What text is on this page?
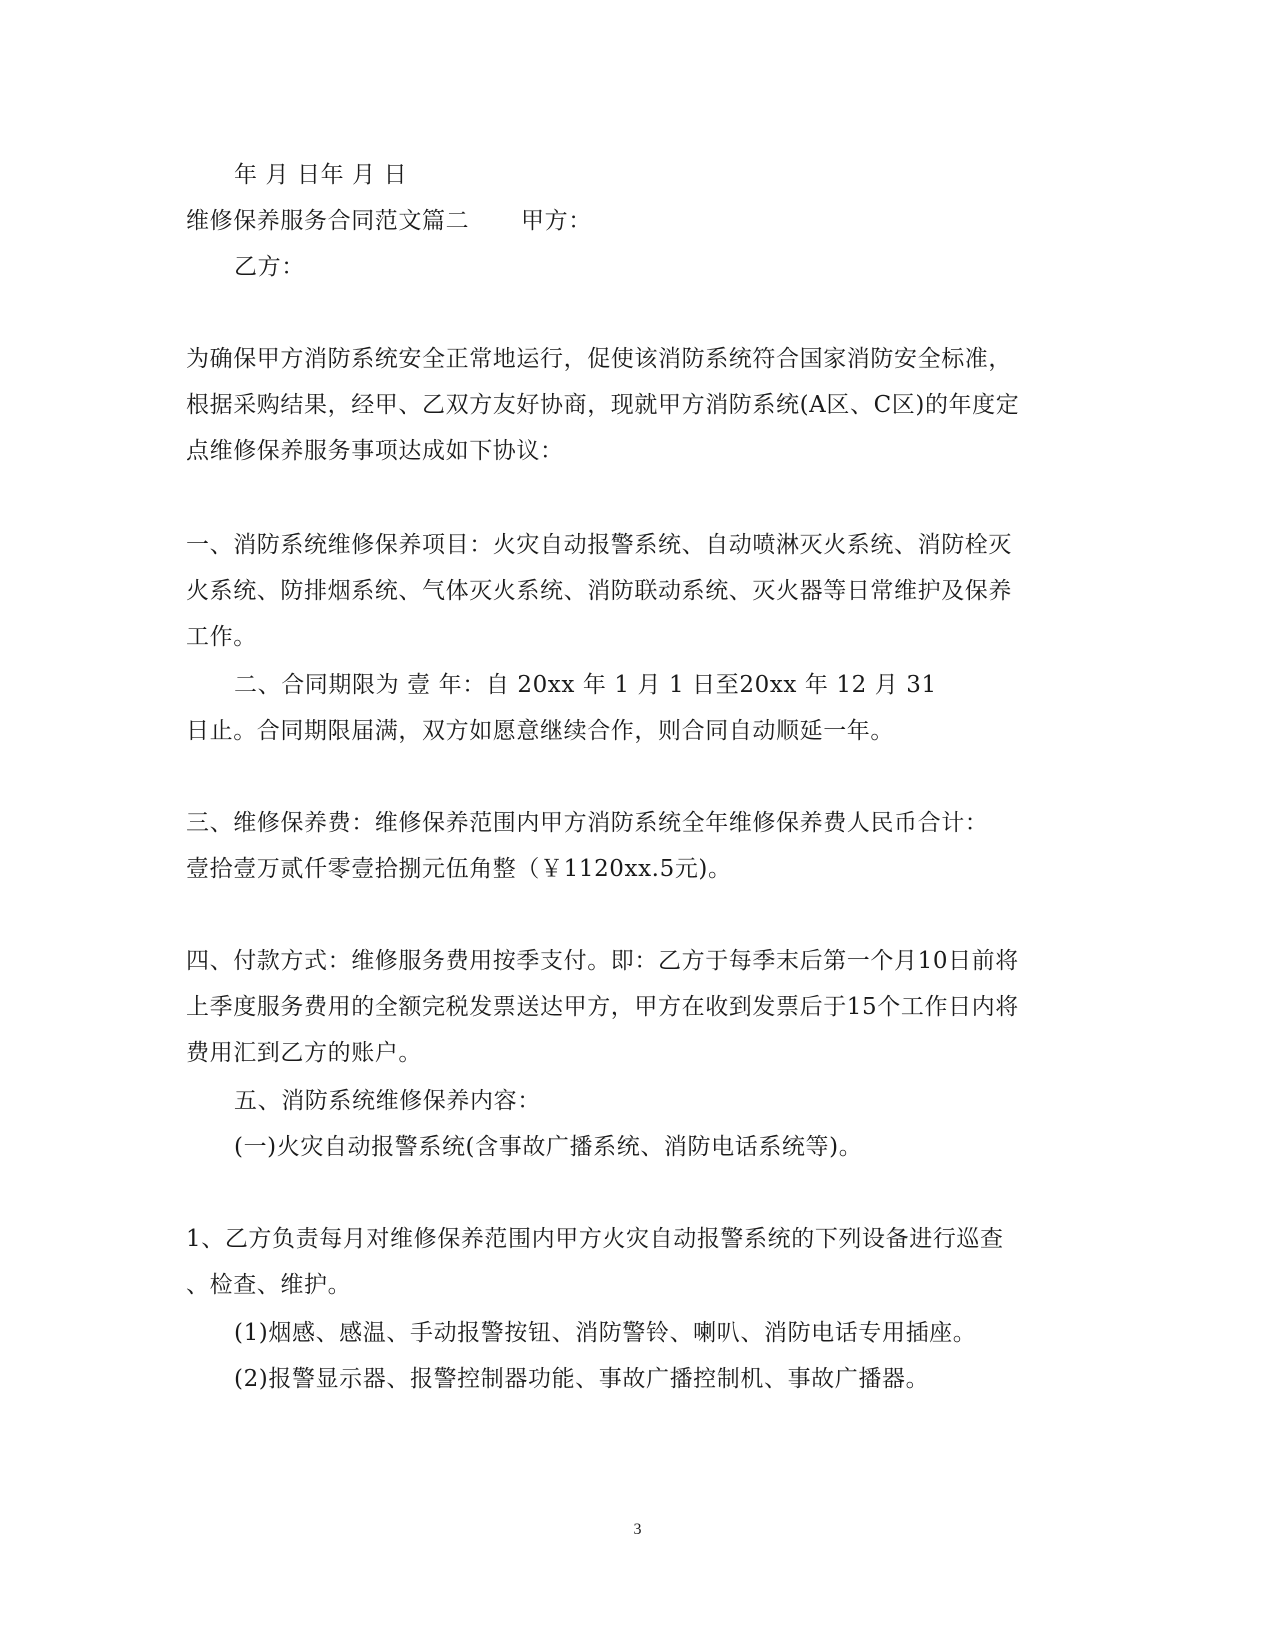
年 月 日年 月 日
维修保养服务合同范文篇二 甲方：
乙方：
为确保甲方消防系统安全正常地运行，促使该消防系统符合国家消防安全标准，
根据采购结果，经甲、乙双方友好协商，现就甲方消防系统(A区、C区)的年度定
点维修保养服务事项达成如下协议：
一、消防系统维修保养项目：火灾自动报警系统、自动喷淋灭火系统、消防栓灭
火系统、防排烟系统、气体灭火系统、消防联动系统、灭火器等日常维护及保养
工作。
二、合同期限为 壹 年：自 20xx 年 1 月 1 日至20xx 年 12 月 31
日止。合同期限届满，双方如愿意继续合作，则合同自动顺延一年。
三、维修保养费：维修保养范围内甲方消防系统全年维修保养费人民币合计：
壹拾壹万贰仟零壹拾捌元伍角整（￥1120xx.5元)。
四、付款方式：维修服务费用按季支付。即：乙方于每季末后第一个月10日前将
上季度服务费用的全额完税发票送达甲方，甲方在收到发票后于15个工作日内将
费用汇到乙方的账户。
五、消防系统维修保养内容：
(一)火灾自动报警系统(含事故广播系统、消防电话系统等)。
1、乙方负责每月对维修保养范围内甲方火灾自动报警系统的下列设备进行巡查
、检查、维护。
(1)烟感、感温、手动报警按钮、消防警铃、喇叭、消防电话专用插座。
(2)报警显示器、报警控制器功能、事故广播控制机、事故广播器。
3
